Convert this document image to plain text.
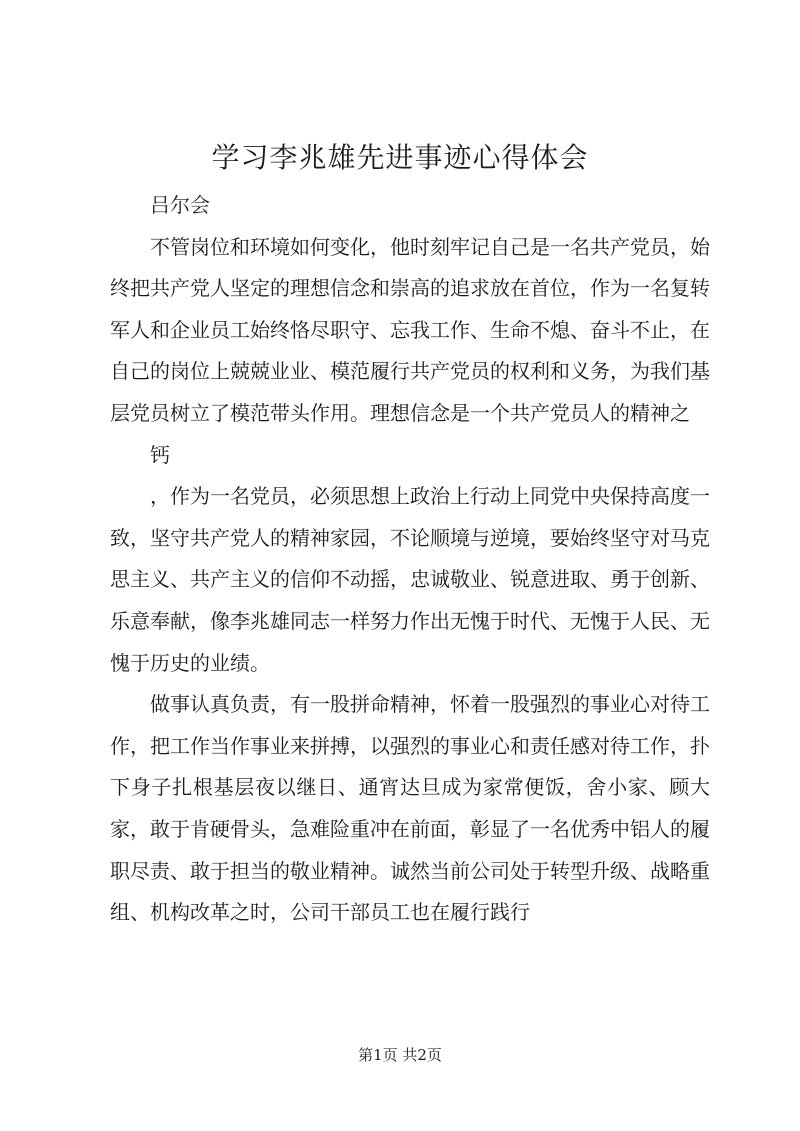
学习李兆雄先进事迹心得体会

吕尔会

不管岗位和环境如何变化，他时刻牢记自己是一名共产党员，始终把共产党人坚定的理想信念和崇高的追求放在首位，作为一名复转军人和企业员工始终恪尽职守、忘我工作、生命不熄、奋斗不止，在自己的岗位上兢兢业业、模范履行共产党员的权利和义务，为我们基层党员树立了模范带头作用。理想信念是一个共产党员人的精神之

钙

，作为一名党员，必须思想上政治上行动上同党中央保持高度一致，坚守共产党人的精神家园，不论顺境与逆境，要始终坚守对马克思主义、共产主义的信仰不动摇，忠诚敬业、锐意进取、勇于创新、乐意奉献，像李兆雄同志一样努力作出无愧于时代、无愧于人民、无愧于历史的业绩。

做事认真负责，有一股拼命精神，怀着一股强烈的事业心对待工作，把工作当作事业来拼搏，以强烈的事业心和责任感对待工作，扑下身子扎根基层夜以继日、通宵达旦成为家常便饭，舍小家、顾大家，敢于肯硬骨头，急难险重冲在前面，彰显了一名优秀中铝人的履职尽责、敢于担当的敬业精神。诚然当前公司处于转型升级、战略重组、机构改革之时，公司干部员工也在履行践行

第1页 共2页
